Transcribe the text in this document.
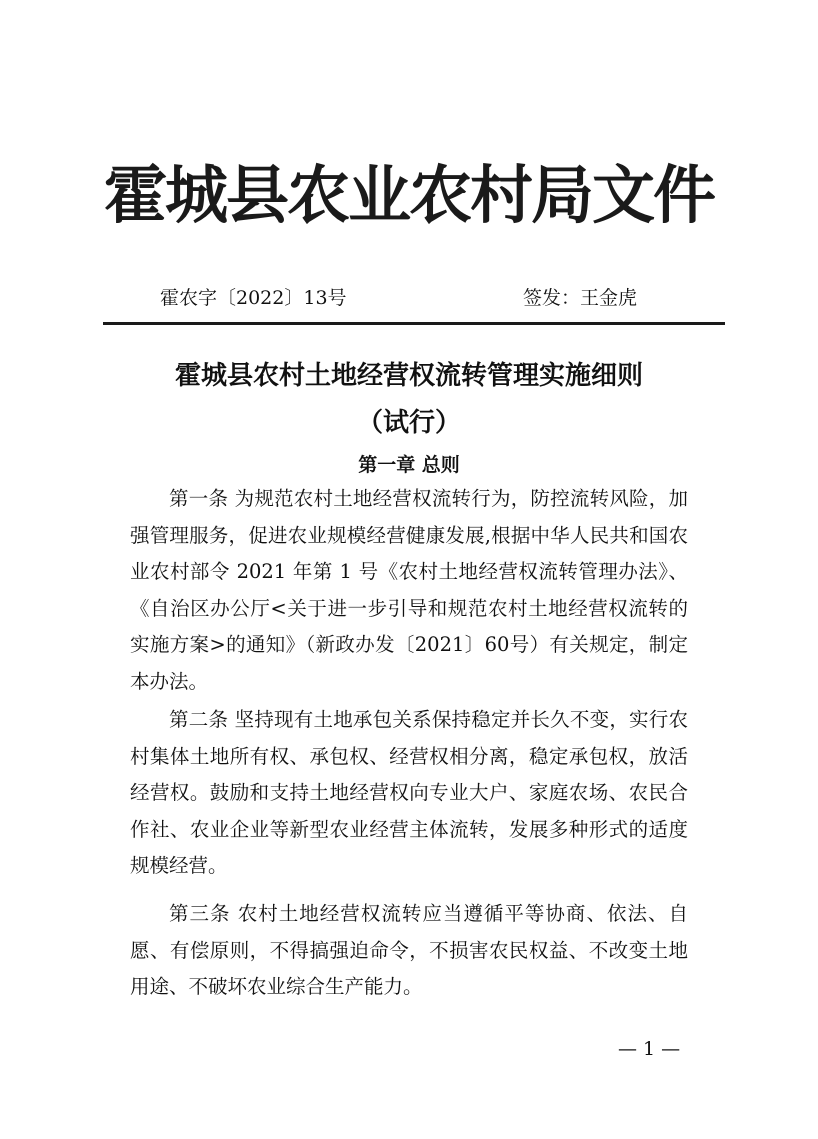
霍城县农业农村局文件
霍农字〔2022〕13号	签发：王金虎
霍城县农村土地经营权流转管理实施细则
（试行）
第一章 总则

第一条 为规范农村土地经营权流转行为，防控流转风险，加强管理服务，促进农业规模经营健康发展,根据中华人民共和国农业农村部令 2021 年第 1 号《农村土地经营权流转管理办法》、《自治区办公厅<关于进一步引导和规范农村土地经营权流转的实施方案>的通知》（新政办发〔2021〕60号）有关规定，制定本办法。

第二条 坚持现有土地承包关系保持稳定并长久不变，实行农村集体土地所有权、承包权、经营权相分离，稳定承包权，放活经营权。鼓励和支持土地经营权向专业大户、家庭农场、农民合作社、农业企业等新型农业经营主体流转，发展多种形式的适度规模经营。

第三条 农村土地经营权流转应当遵循平等协商、依法、自愿、有偿原则，不得搞强迫命令，不损害农民权益、不改变土地用途、不破坏农业综合生产能力。

— 1 —
